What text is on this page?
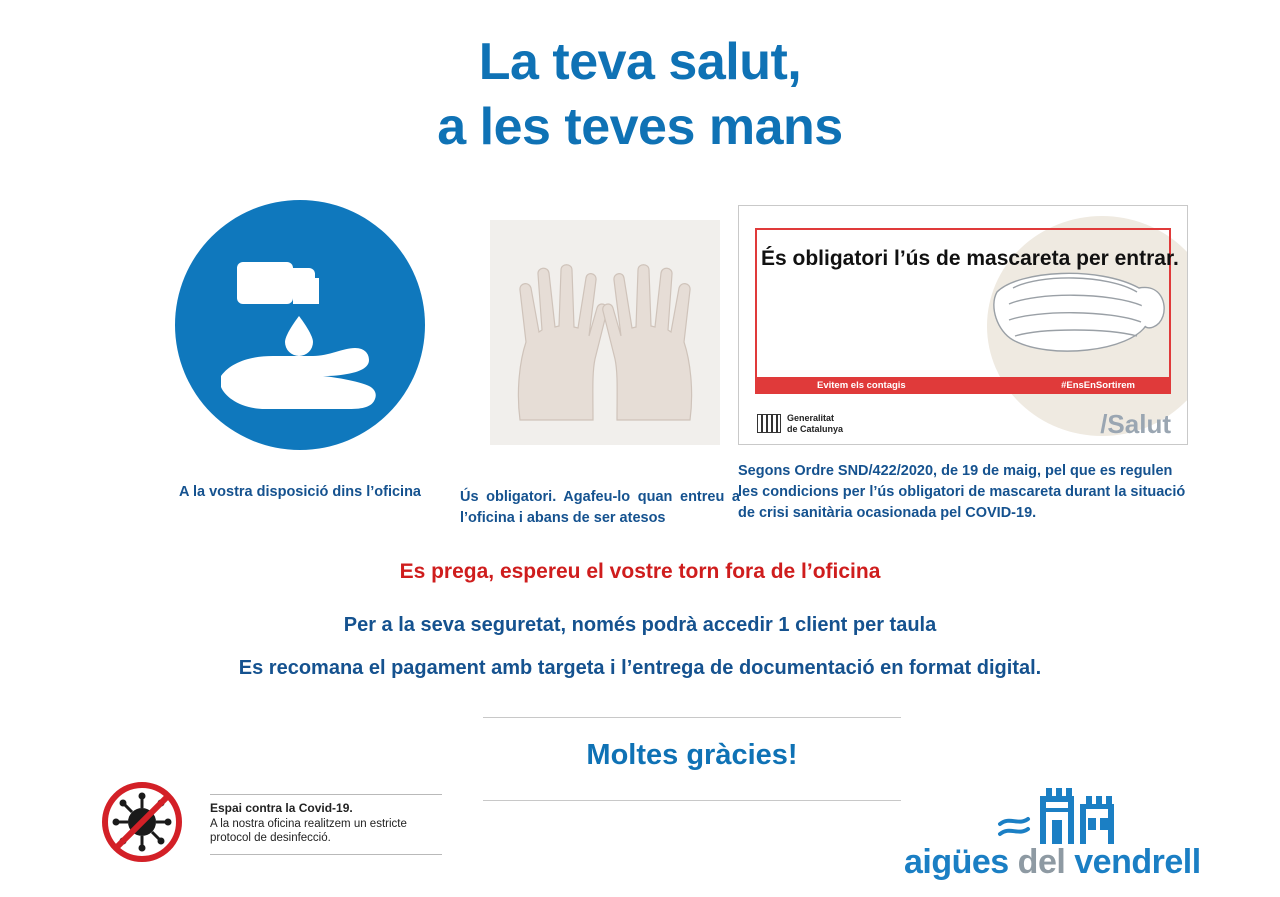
La teva salut,
a les teves mans
A la vostra disposició dins l’oficina	Ús obligatori. Agafeu-lo quan entreu a l’oficina i abans de ser atesos
És obligatori l’ús de mascareta per entrar.
Evitem els contagis	#EnsEnSortirem
Generalitat
de Catalunya	/Salut
Segons Ordre SND/422/2020, de 19 de maig, pel que es regulen les condicions per l’ús obligatori de mascareta durant la situació de crisi sanitària ocasionada pel COVID-19.
Es prega, espereu el vostre torn fora de l’oficina
Per a la seva seguretat, només podrà accedir 1 client per taula
Es recomana el pagament amb targeta i l’entrega de documentació en format digital.
Moltes gràcies!
Espai contra la Covid-19.
A la nostra oficina realitzem un estricte protocol de desinfecció.
aigües del vendrell
